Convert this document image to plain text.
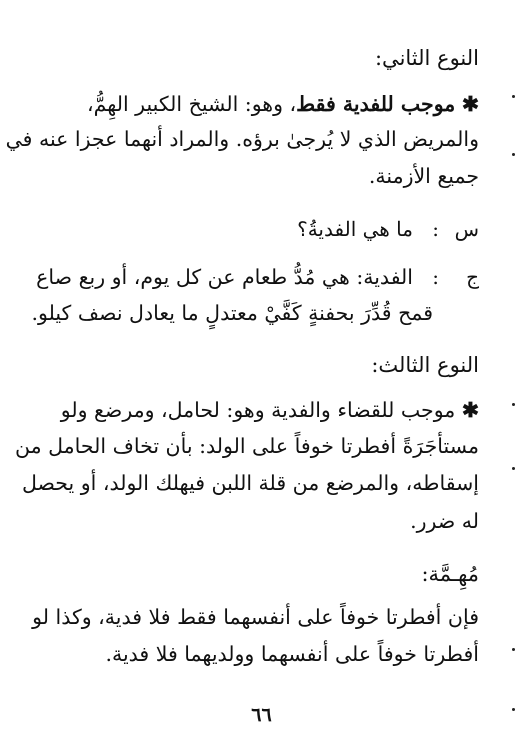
النوع الثاني:
✱ موجب للفدية فقط، وهو: الشيخ الكبير الهِمُّ،
والمريض الذي لا يُرجىٰ برؤه. والمراد أنهما عجزا عنه في
جميع الأزمنة.
س
:
ما هي الفديةُ؟
ج
:
الفدية: هي مُدُّ طعام عن كل يوم، أو ربع صاع
قمح قُدِّرَ بحفنةٍ كَفَّيْ معتدلٍ ما يعادل نصف كيلو.
النوع الثالث:
✱ موجب للقضاء والفدية وهو: لحامل، ومرضع ولو
مستأجَرَةً أفطرتا خوفاً على الولد: بأن تخاف الحامل من
إسقاطه، والمرضع من قلة اللبن فيهلك الولد، أو يحصل
له ضرر.
مُهِـمَّة:
فإن أفطرتا خوفاً على أنفسهما فقط فلا فدية، وكذا لو
أفطرتا خوفاً على أنفسهما وولديهما فلا فدية.
٦٦
